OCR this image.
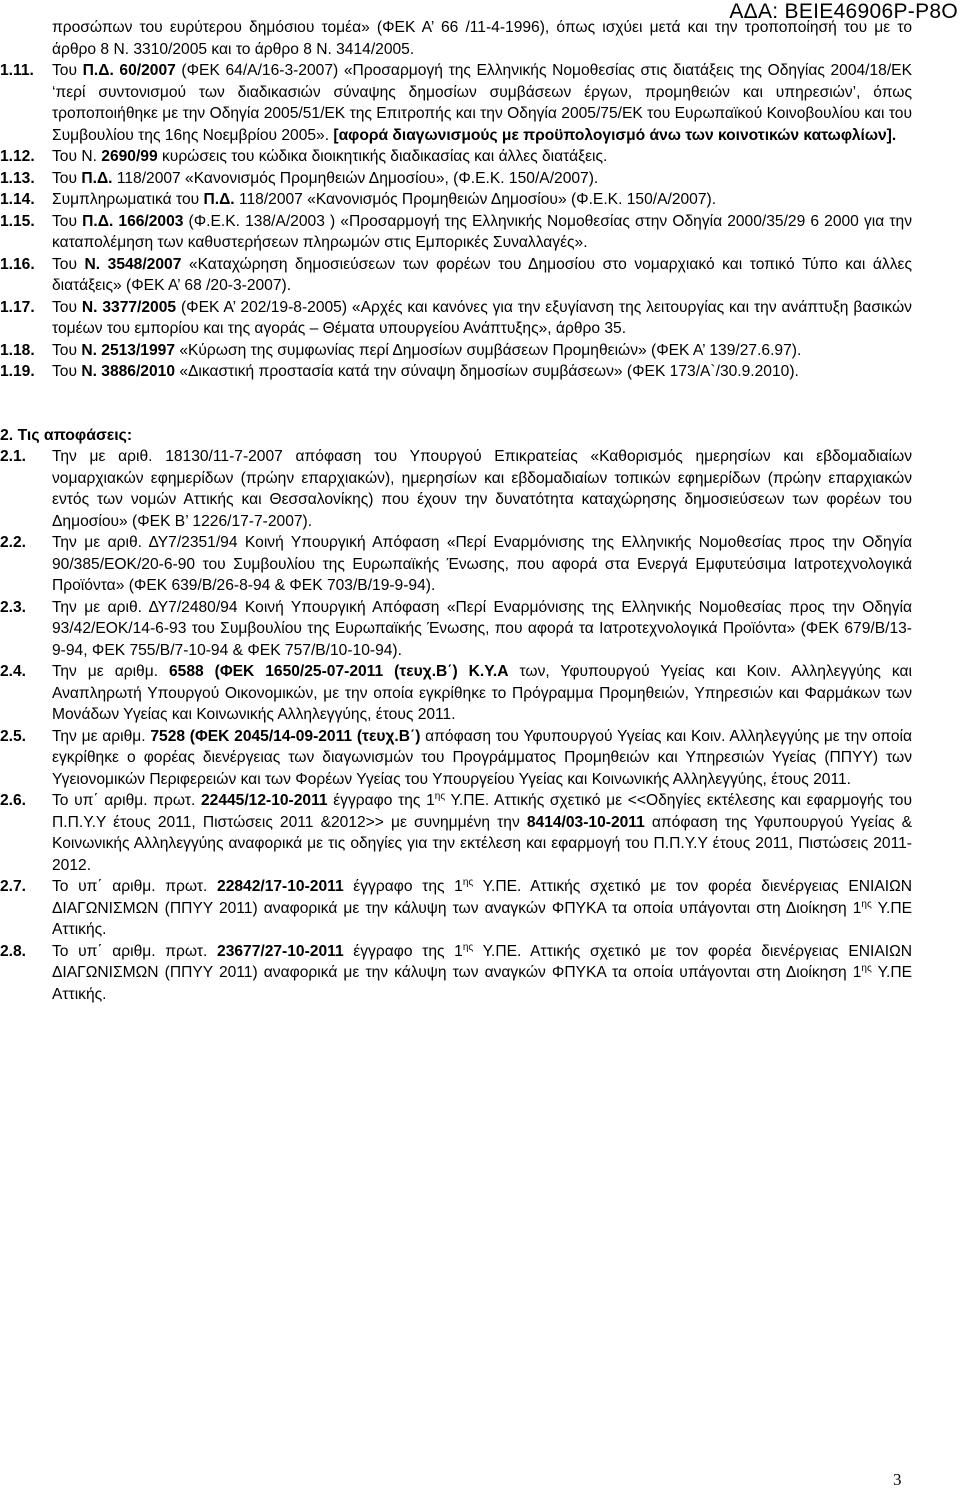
ΑΔΑ: ΒΕΙΕ46906Ρ-Ρ8Ο

προσώπων του ευρύτερου δημόσιου τομέα» (ΦΕΚ Α’ 66 /11-4-1996), όπως ισχύει μετά και την τροποποίησή του με το άρθρο 8 Ν. 3310/2005 και το άρθρο 8 Ν. 3414/2005.

1.11. Του Π.Δ. 60/2007 (ΦΕΚ 64/Α/16-3-2007) «Προσαρμογή της Ελληνικής Νομοθεσίας στις διατάξεις της Οδηγίας 2004/18/ΕΚ ‘περί συντονισμού των διαδικασιών σύναψης δημοσίων συμβάσεων έργων, προμηθειών και υπηρεσιών’, όπως τροποποιήθηκε με την Οδηγία 2005/51/ΕΚ της Επιτροπής και την Οδηγία 2005/75/ΕΚ του Ευρωπαϊκού Κοινοβουλίου και του Συμβουλίου της 16ης Νοεμβρίου 2005». [αφορά διαγωνισμούς με προϋπολογισμό άνω των κοινοτικών κατωφλίων].

1.12. Του Ν. 2690/99 κυρώσεις του κώδικα διοικητικής διαδικασίας και άλλες διατάξεις.

1.13. Του Π.Δ. 118/2007 «Κανονισμός Προμηθειών Δημοσίου», (Φ.Ε.Κ. 150/Α/2007).

1.14. Συμπληρωματικά του Π.Δ. 118/2007 «Κανονισμός Προμηθειών Δημοσίου» (Φ.Ε.Κ. 150/Α/2007).

1.15. Του Π.Δ. 166/2003 (Φ.Ε.Κ. 138/Α/2003 ) «Προσαρμογή της Ελληνικής Νομοθεσίας στην Οδηγία 2000/35/29 6 2000 για την καταπολέμηση των καθυστερήσεων πληρωμών στις Εμπορικές Συναλλαγές».

1.16. Του Ν. 3548/2007 «Καταχώρηση δημοσιεύσεων των φορέων του Δημοσίου στο νομαρχιακό και τοπικό Τύπο και άλλες διατάξεις» (ΦΕΚ Α’ 68 /20-3-2007).

1.17. Του Ν. 3377/2005 (ΦΕΚ Α’ 202/19-8-2005) «Αρχές και κανόνες για την εξυγίανση της λειτουργίας και την ανάπτυξη βασικών τομέων του εμπορίου και της αγοράς – Θέματα υπουργείου Ανάπτυξης», άρθρο 35.

1.18. Του Ν. 2513/1997 «Κύρωση της συμφωνίας περί Δημοσίων συμβάσεων Προμηθειών» (ΦΕΚ Α’ 139/27.6.97).

1.19. Του Ν. 3886/2010 «Δικαστική προστασία κατά την σύναψη δημοσίων συμβάσεων» (ΦΕΚ 173/Α`/30.9.2010).

2. Τις αποφάσεις:

2.1. Την με αριθ. 18130/11-7-2007 απόφαση του Υπουργού Επικρατείας «Καθορισμός ημερησίων και εβδομαδιαίων νομαρχιακών εφημερίδων (πρώην επαρχιακών), ημερησίων και εβδομαδιαίων τοπικών εφημερίδων (πρώην επαρχιακών εντός των νομών Αττικής και Θεσσαλονίκης) που έχουν την δυνατότητα καταχώρησης δημοσιεύσεων των φορέων του Δημοσίου» (ΦΕΚ Β’ 1226/17-7-2007).

2.2. Την με αριθ. ΔΥ7/2351/94 Κοινή Υπουργική Απόφαση «Περί Εναρμόνισης της Ελληνικής Νομοθεσίας προς την Οδηγία 90/385/ΕΟΚ/20-6-90 του Συμβουλίου της Ευρωπαϊκής Ένωσης, που αφορά στα Ενεργά Εμφυτεύσιμα Ιατροτεχνολογικά Προϊόντα» (ΦΕΚ 639/Β/26-8-94 & ΦΕΚ 703/Β/19-9-94).

2.3. Την με αριθ. ΔΥ7/2480/94 Κοινή Υπουργική Απόφαση «Περί Εναρμόνισης της Ελληνικής Νομοθεσίας προς την Οδηγία 93/42/ΕΟΚ/14-6-93 του Συμβουλίου της Ευρωπαϊκής Ένωσης, που αφορά τα Ιατροτεχνολογικά Προϊόντα» (ΦΕΚ 679/Β/13-9-94, ΦΕΚ 755/Β/7-10-94 & ΦΕΚ 757/Β/10-10-94).

2.4. Την με αριθμ. 6588 (ΦΕΚ 1650/25-07-2011 (τευχ.Β΄) Κ.Υ.Α των, Υφυπουργού Υγείας και Κοιν. Αλληλεγγύης και Αναπληρωτή Υπουργού Οικονομικών, με την οποία εγκρίθηκε το Πρόγραμμα Προμηθειών, Υπηρεσιών και Φαρμάκων των Μονάδων Υγείας και Κοινωνικής Αλληλεγγύης, έτους 2011.

2.5. Την με αριθμ. 7528 (ΦΕΚ 2045/14-09-2011 (τευχ.Β΄) απόφαση του Υφυπουργού Υγείας και Κοιν. Αλληλεγγύης με την οποία εγκρίθηκε ο φορέας διενέργειας των διαγωνισμών του Προγράμματος Προμηθειών και Υπηρεσιών Υγείας (ΠΠΥΥ) των Υγειονομικών Περιφερειών και των Φορέων Υγείας του Υπουργείου Υγείας και Κοινωνικής Αλληλεγγύης, έτους 2011.

2.6. Το υπ΄ αριθμ. πρωτ. 22445/12-10-2011 έγγραφο της $1^{\eta\varsigma}$ Υ.ΠΕ. Αττικής σχετικό με <<Οδηγίες εκτέλεσης και εφαρμογής του Π.Π.Υ.Υ έτους 2011, Πιστώσεις 2011 &2012>> με συνημμένη την 8414/03-10-2011 απόφαση της Υφυπουργού Υγείας & Κοινωνικής Αλληλεγγύης αναφορικά με τις οδηγίες για την εκτέλεση και εφαρμογή του Π.Π.Υ.Υ έτους 2011, Πιστώσεις 2011- 2012.

2.7. Το υπ΄ αριθμ. πρωτ. 22842/17-10-2011 έγγραφο της $1^{\eta\varsigma}$ Υ.ΠΕ. Αττικής σχετικό με τον φορέα διενέργειας ΕΝΙΑΙΩΝ ΔΙΑΓΩΝΙΣΜΩΝ (ΠΠΥΥ 2011) αναφορικά με την κάλυψη των αναγκών ΦΠΥΚΑ τα οποία υπάγονται στη Διοίκηση $1^{\eta\varsigma}$ Υ.ΠΕ Αττικής.

2.8. Το υπ΄ αριθμ. πρωτ. 23677/27-10-2011 έγγραφο της $1^{\eta\varsigma}$ Υ.ΠΕ. Αττικής σχετικό με τον φορέα διενέργειας ΕΝΙΑΙΩΝ ΔΙΑΓΩΝΙΣΜΩΝ (ΠΠΥΥ 2011) αναφορικά με την κάλυψη των αναγκών ΦΠΥΚΑ τα οποία υπάγονται στη Διοίκηση $1^{\eta\varsigma}$ Υ.ΠΕ Αττικής.

3
